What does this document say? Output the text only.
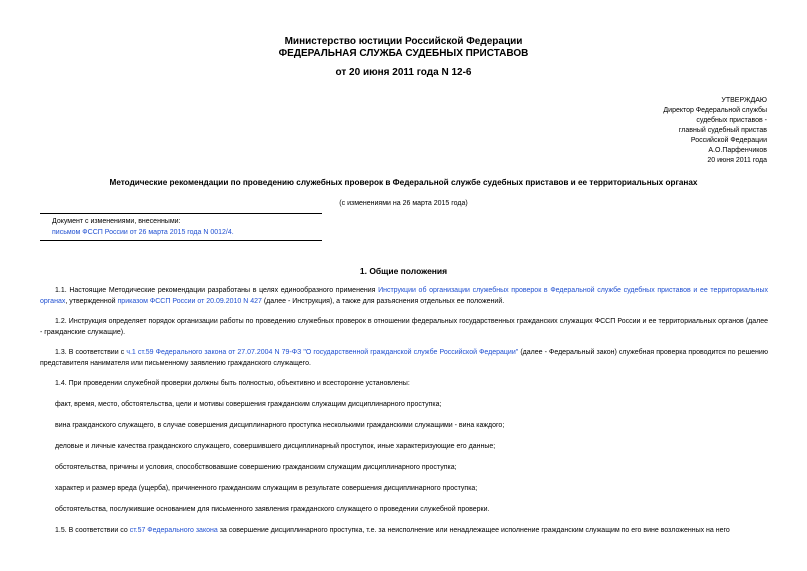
Министерство юстиции Российской Федерации
ФЕДЕРАЛЬНАЯ СЛУЖБА СУДЕБНЫХ ПРИСТАВОВ
от 20 июня 2011 года N 12-6
УТВЕРЖДАЮ
Директор Федеральной службы
судебных приставов -
главный судебный пристав
Российской Федерации
А.О.Парфенчиков
20 июня 2011 года
Методические рекомендации по проведению служебных проверок в Федеральной службе судебных приставов и ее территориальных органах
(с изменениями на 26 марта 2015 года)
Документ с изменениями, внесенными:
письмом ФССП России от 26 марта 2015 года N 0012/4.
1. Общие положения
1.1. Настоящие Методические рекомендации разработаны в целях единообразного применения Инструкции об организации служебных проверок в Федеральной службе судебных приставов и ее территориальных органах, утвержденной приказом ФССП России от 20.09.2010 N 427 (далее - Инструкция), а также для разъяснения отдельных ее положений.
1.2. Инструкция определяет порядок организации работы по проведению служебных проверок в отношении федеральных государственных гражданских служащих ФССП России и ее территориальных органов (далее - гражданские служащие).
1.3. В соответствии с ч.1 ст.59 Федерального закона от 27.07.2004 N 79-ФЗ "О государственной гражданской службе Российской Федерации" (далее - Федеральный закон) служебная проверка проводится по решению представителя нанимателя или письменному заявлению гражданского служащего.
1.4. При проведении служебной проверки должны быть полностью, объективно и всесторонне установлены:
факт, время, место, обстоятельства, цели и мотивы совершения гражданским служащим дисциплинарного проступка;
вина гражданского служащего, в случае совершения дисциплинарного проступка несколькими гражданскими служащими - вина каждого;
деловые и личные качества гражданского служащего, совершившего дисциплинарный проступок, иные характеризующие его данные;
обстоятельства, причины и условия, способствовавшие совершению гражданским служащим дисциплинарного проступка;
характер и размер вреда (ущерба), причиненного гражданским служащим в результате совершения дисциплинарного проступка;
обстоятельства, послужившие основанием для письменного заявления гражданского служащего о проведении служебной проверки.
1.5. В соответствии со ст.57 Федерального закона за совершение дисциплинарного проступка, т.е. за неисполнение или ненадлежащее исполнение гражданским служащим по его вине возложенных на него
